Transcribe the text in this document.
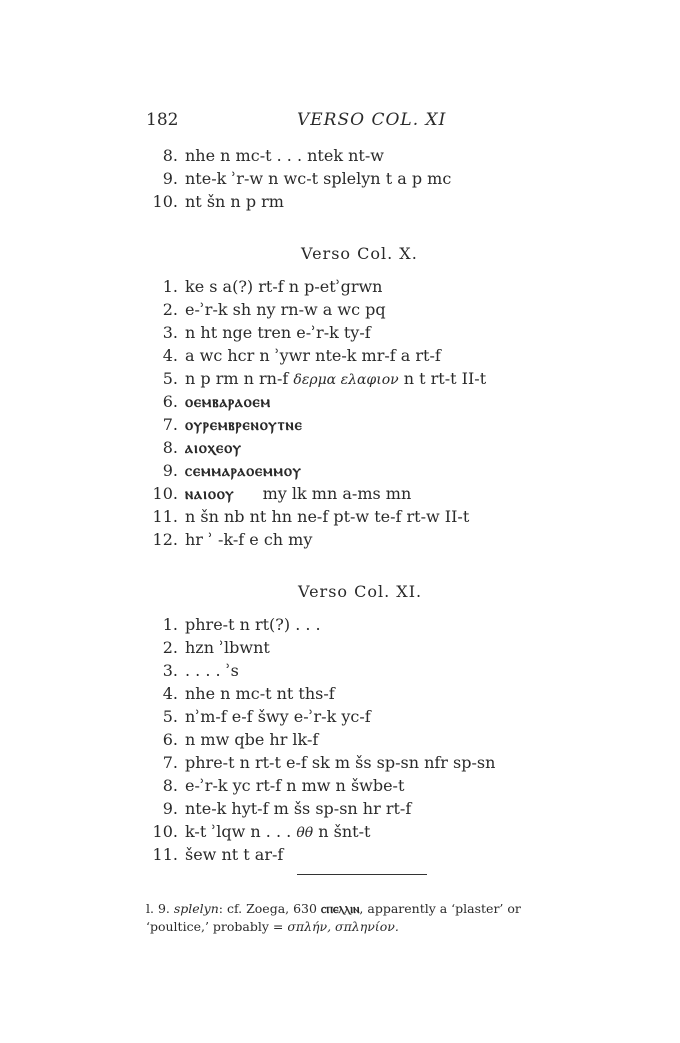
182	VERSO COL. XI
8. nhe n mc-t . . . ntek nt-w
9. nte-k ʾr-w n wc-t splelyn t a p mc
10. nt šn n p rm
Verso Col. X.
1. ke s a(?) rt-f n p-etʾgrwn
2. e-ʾr-k sh ny rn-w a wc pq
3. n ht nge tren e-ʾr-k ty-f
4. a wc hcr n ʾywr nte-k mr-f a rt-f
5. n p rm n rn-f δερμα ελαφιον n t rt-t II-t
6. ⲟⲉⲙⲃⲁⲣⲁⲟⲉⲙ
7. ⲟⲩⲣⲉⲙⲃⲣⲉⲛⲟⲩⲧⲛⲉ
8. ⲁⲓⲟⲭⲉⲟⲩ
9. ⲥⲉⲙⲙⲁⲣⲁⲟⲉⲙⲙⲟⲩ
10. ⲛⲁⲓⲟⲟⲩ my lk mn a-ms mn
11. n šn nb nt hn ne-f pt-w te-f rt-w II-t
12. hr ʾ -k-f e ch my
Verso Col. XI.
1. phre-t n rt(?) . . .
2. hzn ʾlbwnt
3. . . . . ʾs
4. nhe n mc-t nt ths-f
5. nʾm-f e-f šwy e-ʾr-k yc-f
6. n mw qbe hr lk-f
7. phre-t n rt-t e-f sk m šs sp-sn nfr sp-sn
8. e-ʾr-k yc rt-f n mw n šwbe-t
9. nte-k hyt-f m šs sp-sn hr rt-f
10. k-t ʾlqw n . . . θθ n šnt-t
11. šew nt t ar-f
l. 9. splelyn: cf. Zoega, 630 ⲥⲡⲉⲗⲗⲓⲛ, apparently a ‘plaster’ or
‘poultice,’ probably = σπλήν, σπληνίον.
